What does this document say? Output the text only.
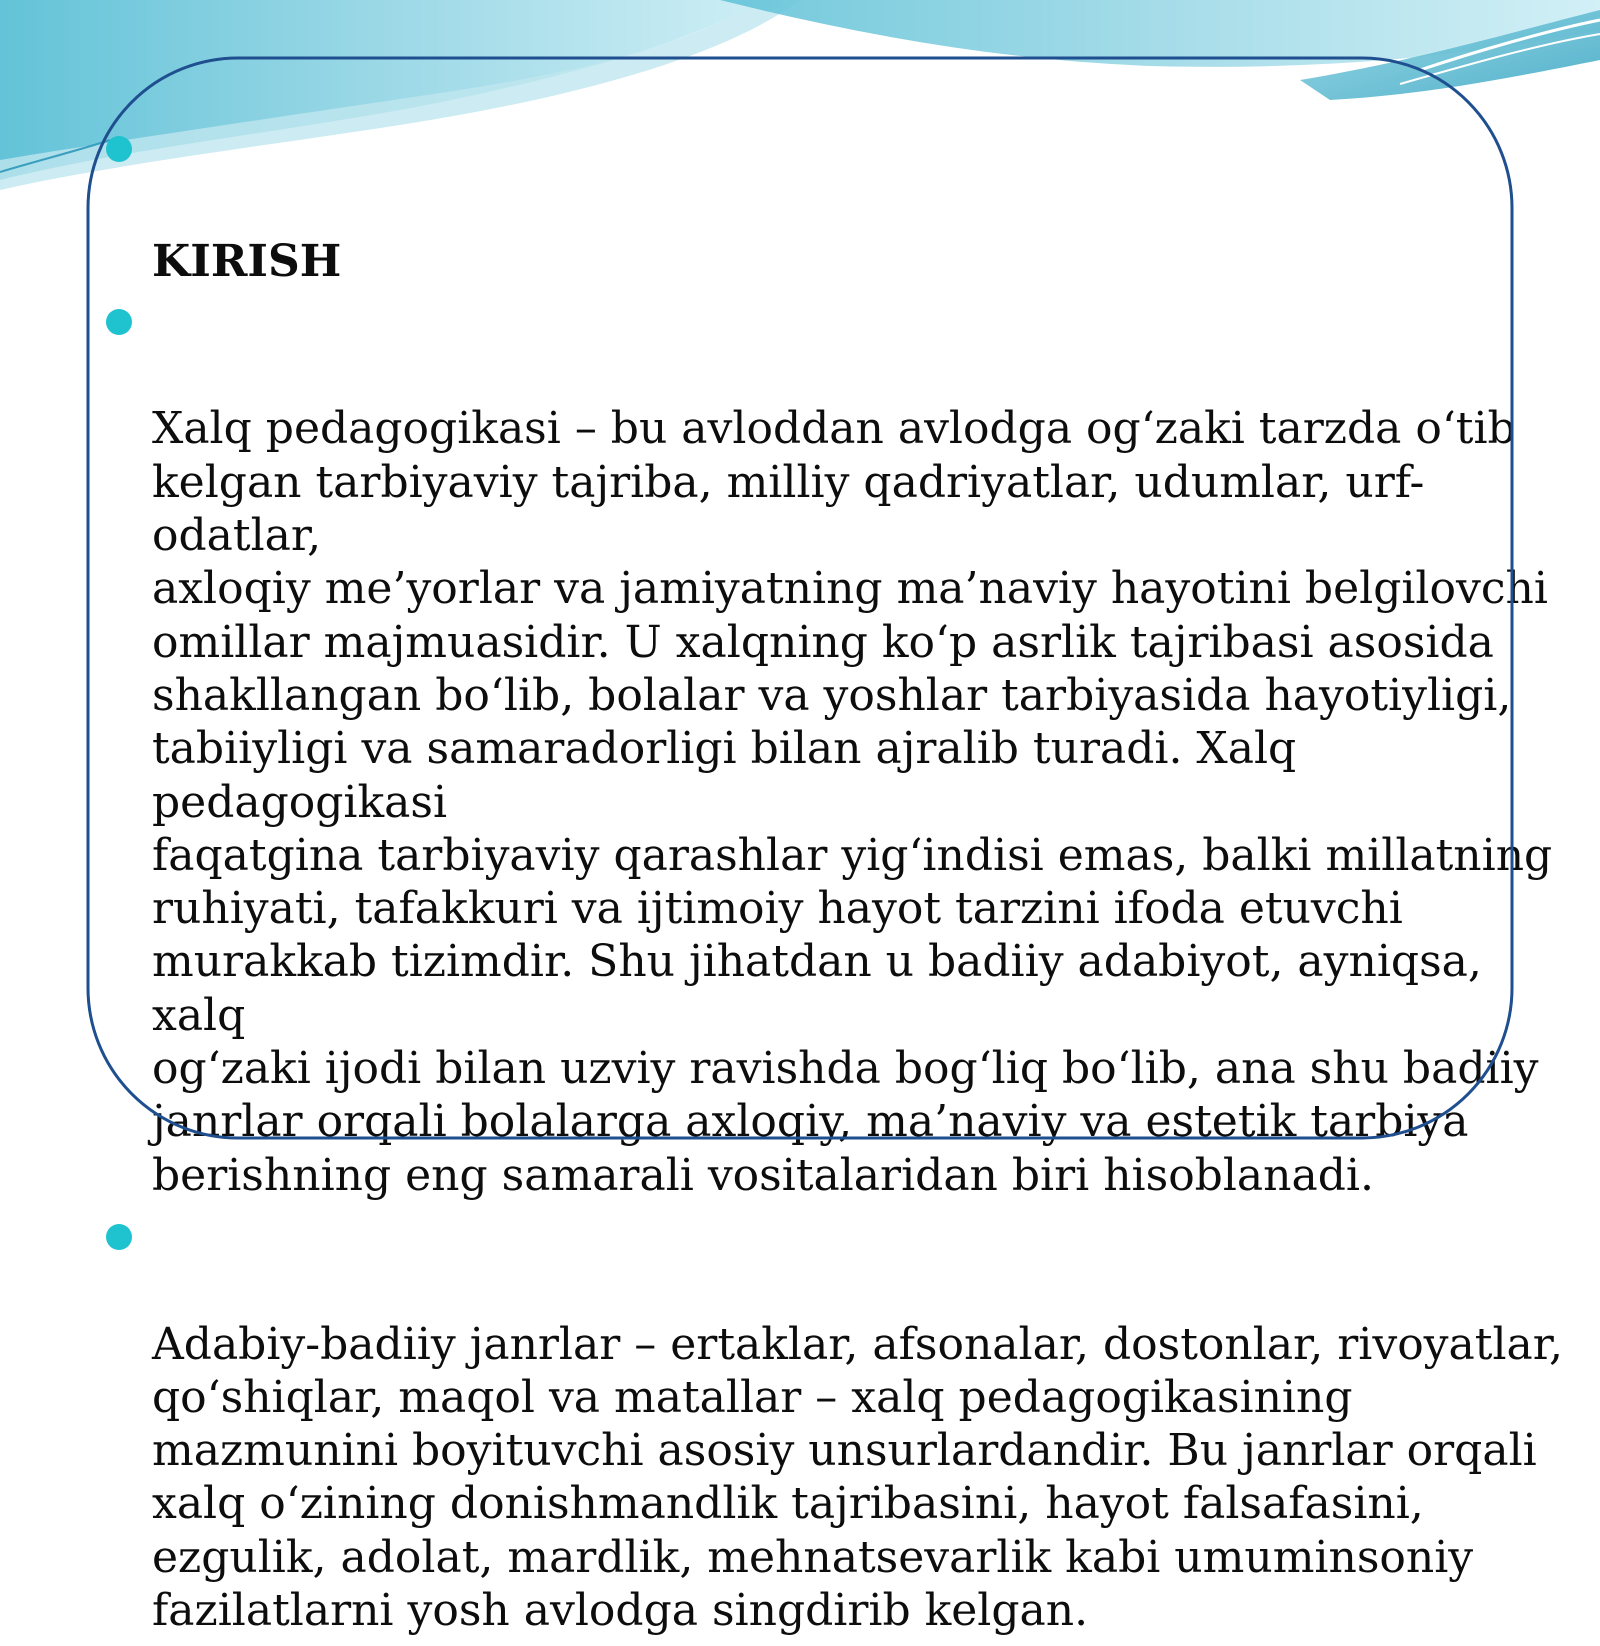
KIRISH

Xalq pedagogikasi – bu avloddan avlodga og‘zaki tarzda o‘tib
kelgan tarbiyaviy tajriba, milliy qadriyatlar, udumlar, urf-odatlar,
axloqiy me’yorlar va jamiyatning ma’naviy hayotini belgilovchi
omillar majmuasidir. U xalqning ko‘p asrlik tajribasi asosida
shakllangan bo‘lib, bolalar va yoshlar tarbiyasida hayotiyligi,
tabiiyligi va samaradorligi bilan ajralib turadi. Xalq pedagogikasi
faqatgina tarbiyaviy qarashlar yig‘indisi emas, balki millatning
ruhiyati, tafakkuri va ijtimoiy hayot tarzini ifoda etuvchi
murakkab tizimdir. Shu jihatdan u badiiy adabiyot, ayniqsa, xalq
og‘zaki ijodi bilan uzviy ravishda bog‘liq bo‘lib, ana shu badiiy
janrlar orqali bolalarga axloqiy, ma’naviy va estetik tarbiya
berishning eng samarali vositalaridan biri hisoblanadi.

Adabiy-badiiy janrlar – ertaklar, afsonalar, dostonlar, rivoyatlar,
qo‘shiqlar, maqol va matallar – xalq pedagogikasining
mazmunini boyituvchi asosiy unsurlardandir. Bu janrlar orqali
xalq o‘zining donishmandlik tajribasini, hayot falsafasini,
ezgulik, adolat, mardlik, mehnatsevarlik kabi umuminsoniy
fazilatlarni yosh avlodga singdirib kelgan.
